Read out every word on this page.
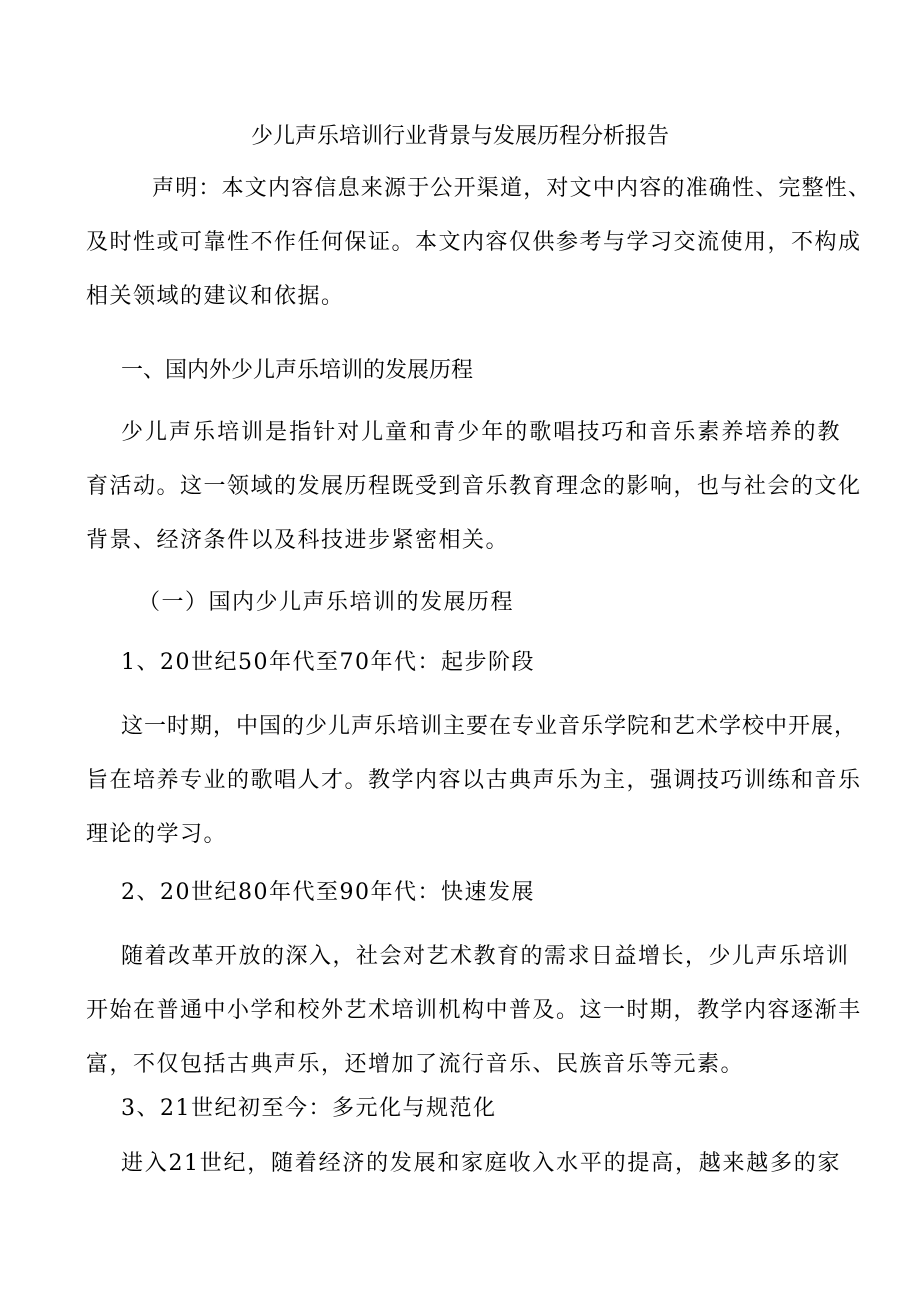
少儿声乐培训行业背景与发展历程分析报告
声明：本文内容信息来源于公开渠道，对文中内容的准确性、完整性、
及时性或可靠性不作任何保证。本文内容仅供参考与学习交流使用，不构成
相关领域的建议和依据。
一、国内外少儿声乐培训的发展历程
少儿声乐培训是指针对儿童和青少年的歌唱技巧和音乐素养培养的教
育活动。这一领域的发展历程既受到音乐教育理念的影响，也与社会的文化
背景、经济条件以及科技进步紧密相关。
（一）国内少儿声乐培训的发展历程
1、20世纪50年代至70年代：起步阶段
这一时期，中国的少儿声乐培训主要在专业音乐学院和艺术学校中开展，
旨在培养专业的歌唱人才。教学内容以古典声乐为主，强调技巧训练和音乐
理论的学习。
2、20世纪80年代至90年代：快速发展
随着改革开放的深入，社会对艺术教育的需求日益增长，少儿声乐培训
开始在普通中小学和校外艺术培训机构中普及。这一时期，教学内容逐渐丰
富，不仅包括古典声乐，还增加了流行音乐、民族音乐等元素。
3、21世纪初至今：多元化与规范化
进入21世纪，随着经济的发展和家庭收入水平的提高，越来越多的家
